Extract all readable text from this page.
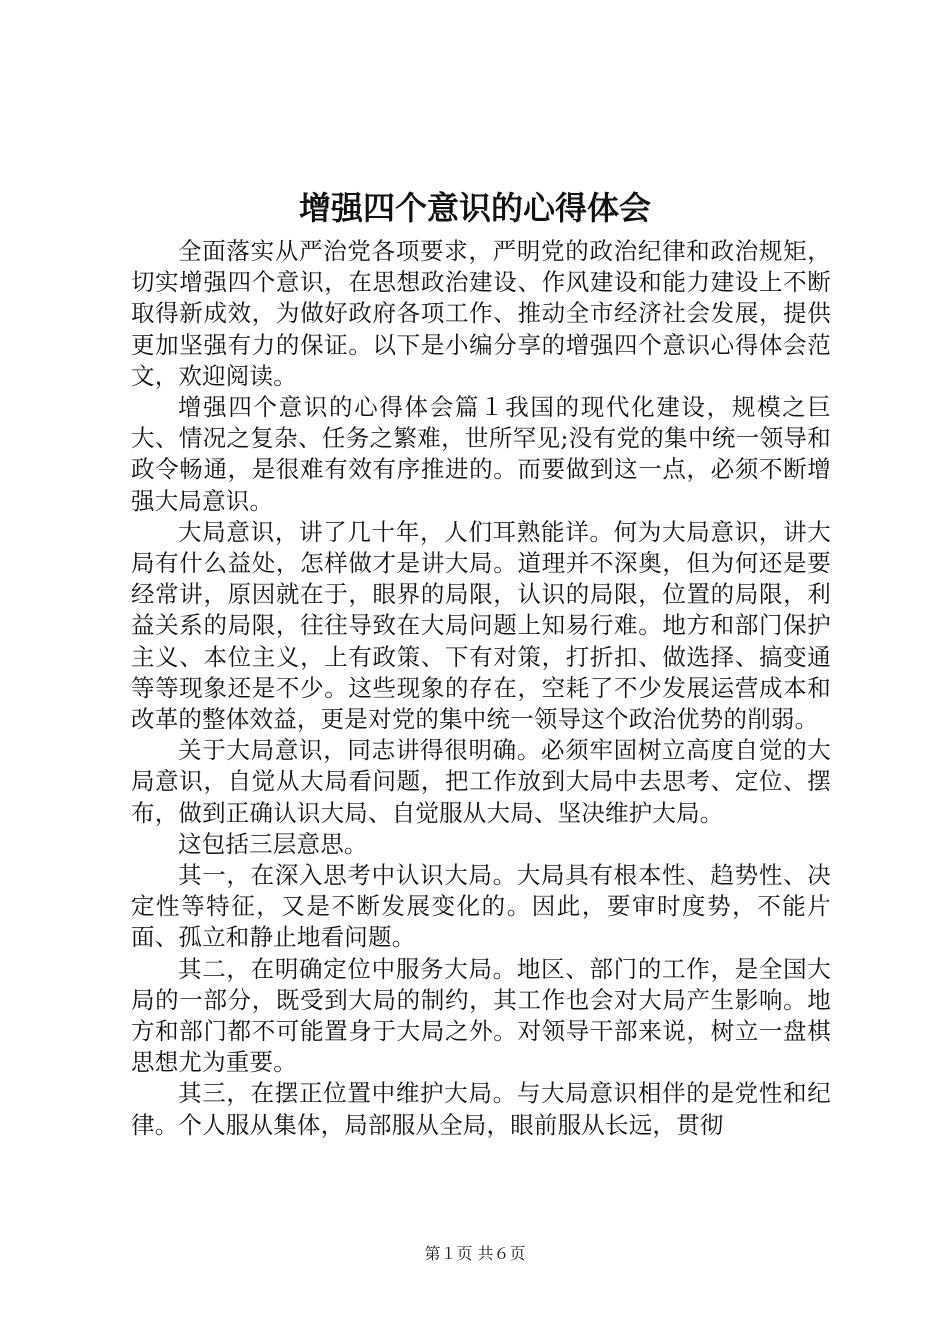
增强四个意识的心得体会

全面落实从严治党各项要求，严明党的政治纪律和政治规矩，切实增强四个意识，在思想政治建设、作风建设和能力建设上不断取得新成效，为做好政府各项工作、推动全市经济社会发展，提供更加坚强有力的保证。以下是小编分享的增强四个意识心得体会范文，欢迎阅读。

增强四个意识的心得体会篇１我国的现代化建设，规模之巨大、情况之复杂、任务之繁难，世所罕见;没有党的集中统一领导和政令畅通，是很难有效有序推进的。而要做到这一点，必须不断增强大局意识。

大局意识，讲了几十年，人们耳熟能详。何为大局意识，讲大局有什么益处，怎样做才是讲大局。道理并不深奥，但为何还是要经常讲，原因就在于，眼界的局限，认识的局限，位置的局限，利益关系的局限，往往导致在大局问题上知易行难。地方和部门保护主义、本位主义，上有政策、下有对策，打折扣、做选择、搞变通等等现象还是不少。这些现象的存在，空耗了不少发展运营成本和改革的整体效益，更是对党的集中统一领导这个政治优势的削弱。

关于大局意识，同志讲得很明确。必须牢固树立高度自觉的大局意识，自觉从大局看问题，把工作放到大局中去思考、定位、摆布，做到正确认识大局、自觉服从大局、坚决维护大局。

这包括三层意思。

其一，在深入思考中认识大局。大局具有根本性、趋势性、决定性等特征，又是不断发展变化的。因此，要审时度势，不能片面、孤立和静止地看问题。

其二，在明确定位中服务大局。地区、部门的工作，是全国大局的一部分，既受到大局的制约，其工作也会对大局产生影响。地方和部门都不可能置身于大局之外。对领导干部来说，树立一盘棋思想尤为重要。

其三，在摆正位置中维护大局。与大局意识相伴的是党性和纪律。个人服从集体，局部服从全局，眼前服从长远，贯彻

第１页 共６页
